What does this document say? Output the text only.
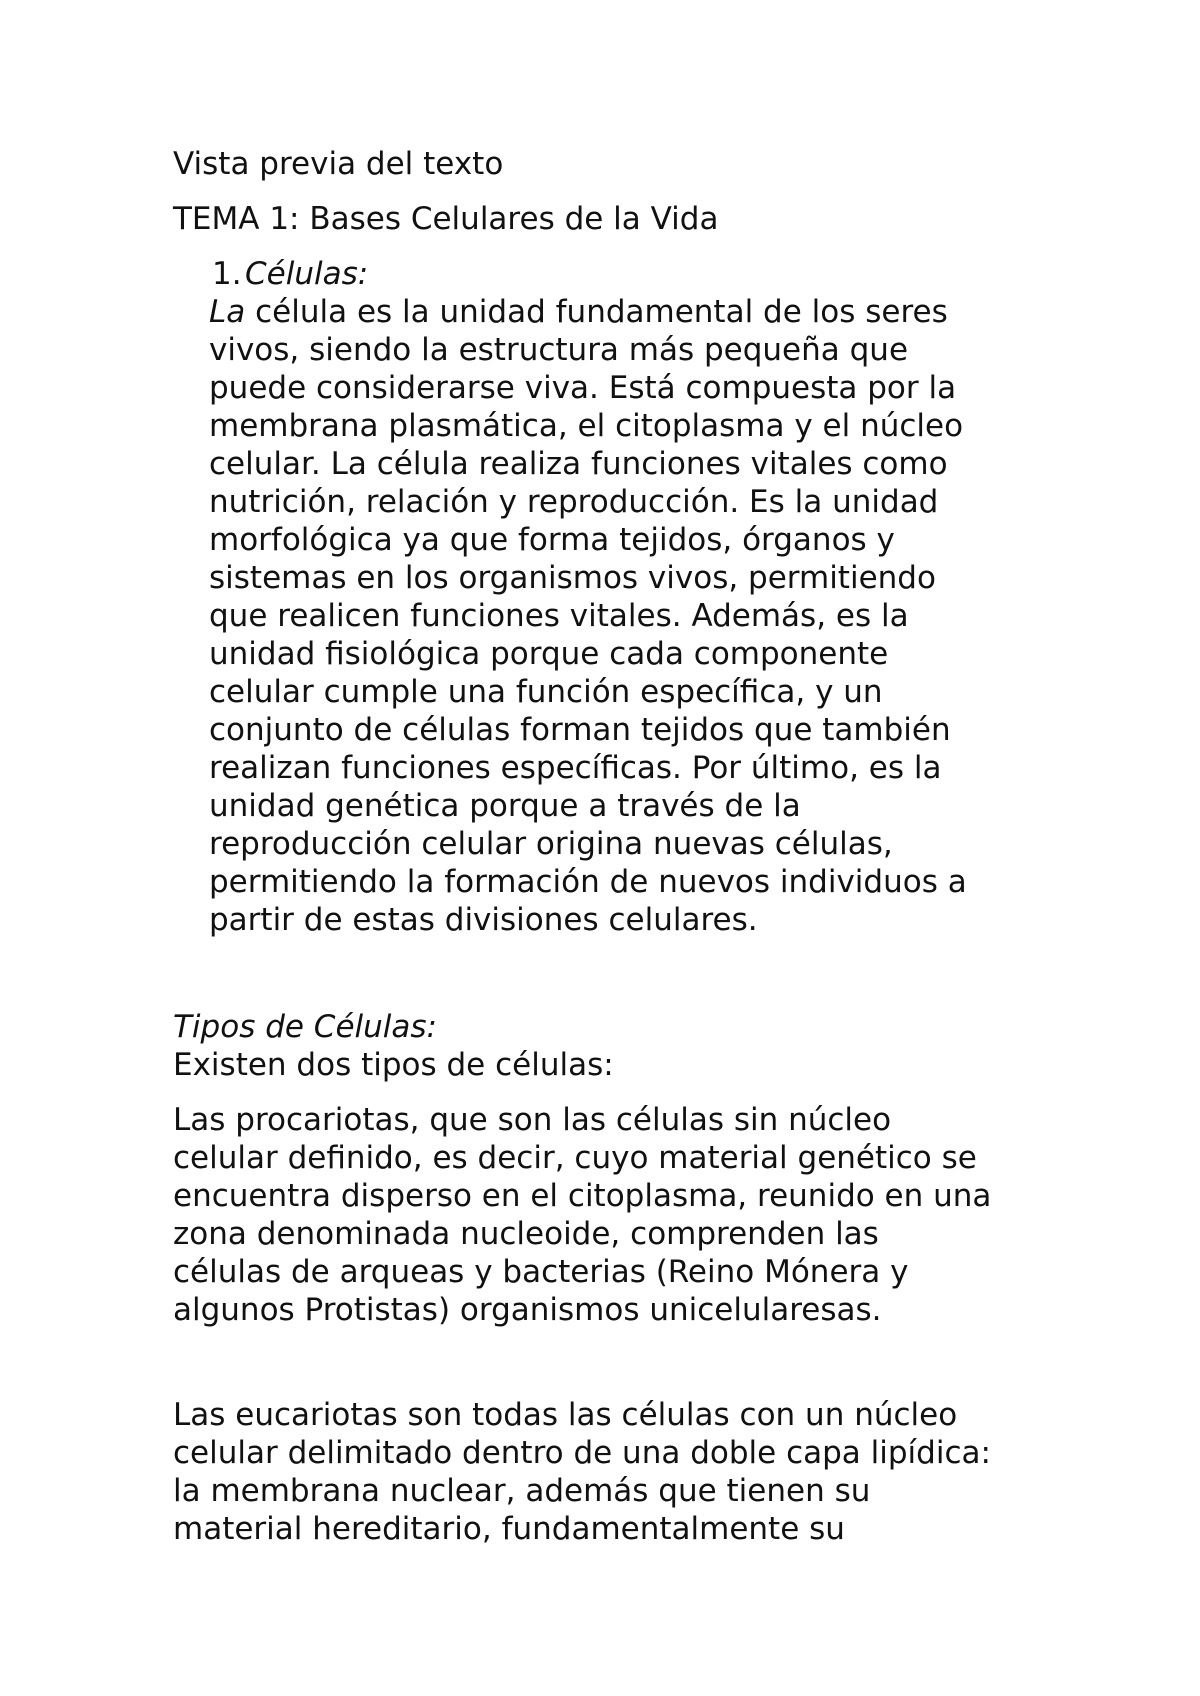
Vista previa del texto
TEMA 1: Bases Celulares de la Vida
1. Células:
La célula es la unidad fundamental de los seres
vivos, siendo la estructura más pequeña que
puede considerarse viva. Está compuesta por la
membrana plasmática, el citoplasma y el núcleo
celular. La célula realiza funciones vitales como
nutrición, relación y reproducción. Es la unidad
morfológica ya que forma tejidos, órganos y
sistemas en los organismos vivos, permitiendo
que realicen funciones vitales. Además, es la
unidad fisiológica porque cada componente
celular cumple una función específica, y un
conjunto de células forman tejidos que también
realizan funciones específicas. Por último, es la
unidad genética porque a través de la
reproducción celular origina nuevas células,
permitiendo la formación de nuevos individuos a
partir de estas divisiones celulares.
Tipos de Células:
Existen dos tipos de células:
Las procariotas, que son las células sin núcleo
celular definido, es decir, cuyo material genético se
encuentra disperso en el citoplasma, reunido en una
zona denominada nucleoide, comprenden las
células de arqueas y bacterias (Reino Mónera y
algunos Protistas) organismos unicelularesas.
Las eucariotas son todas las células con un núcleo
celular delimitado dentro de una doble capa lipídica:
la membrana nuclear, además que tienen su
material hereditario, fundamentalmente su
